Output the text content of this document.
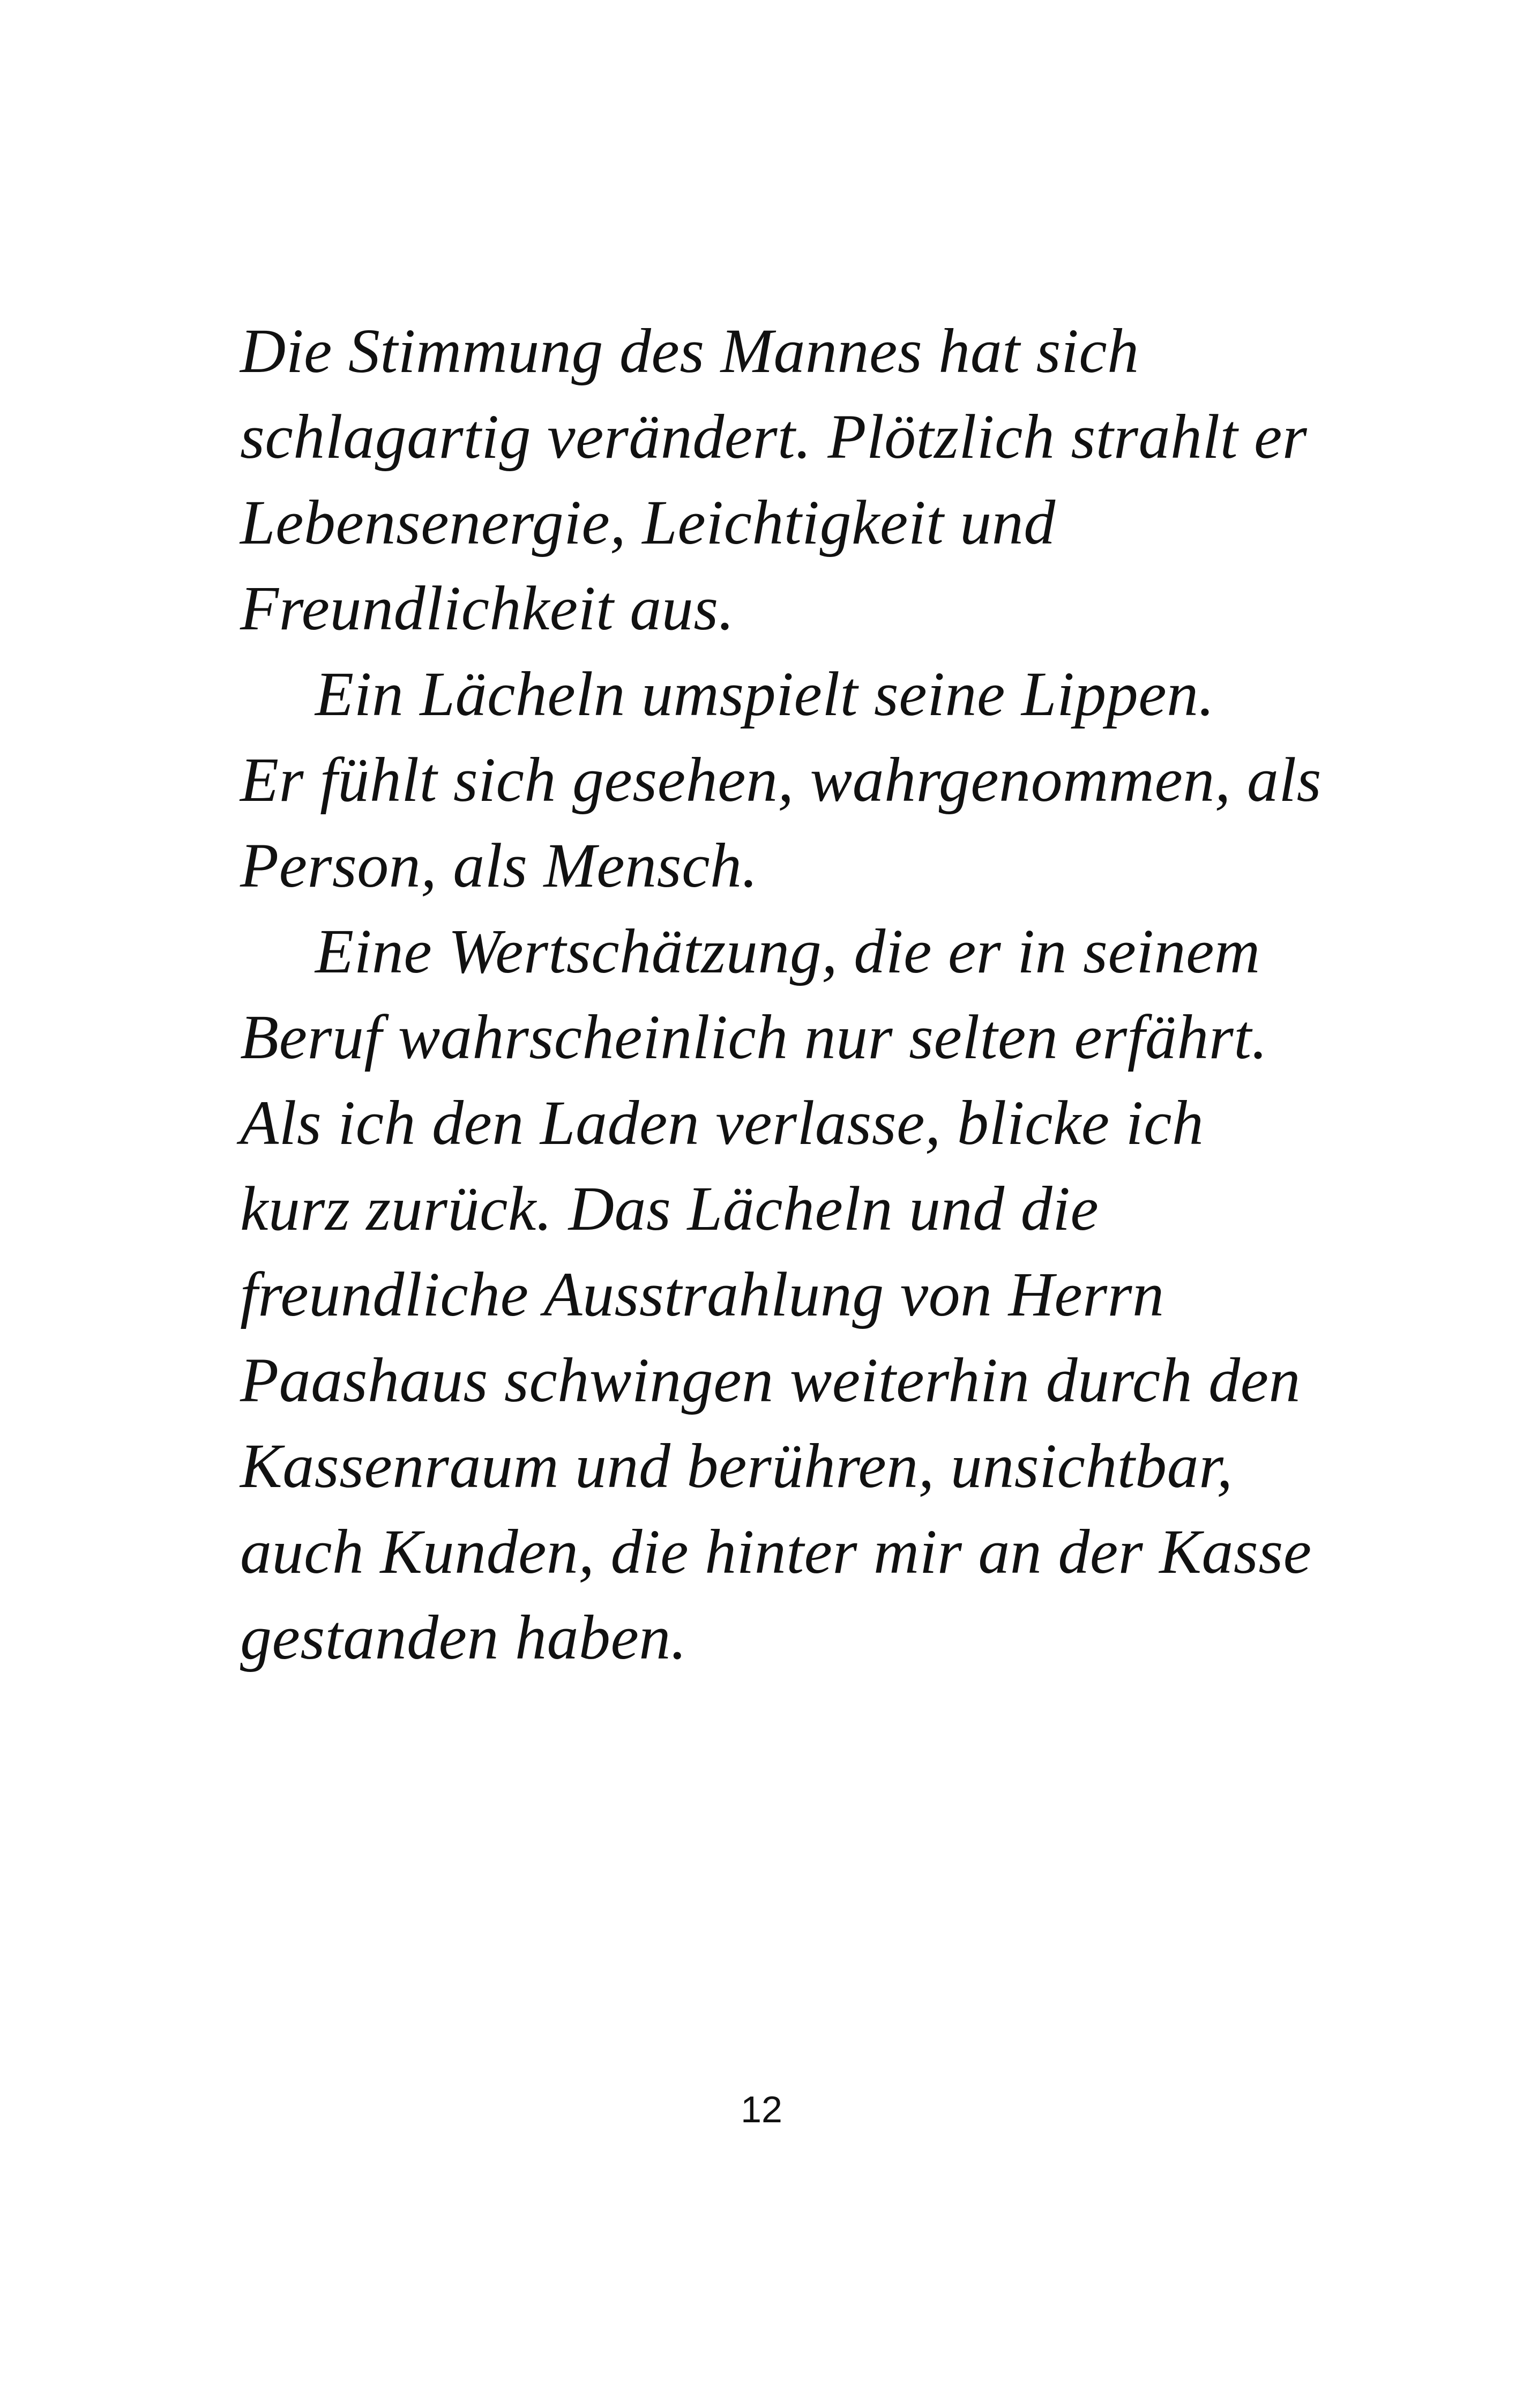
Die Stimmung des Mannes hat sich
schlagartig verändert. Plötzlich strahlt er
Lebensenergie, Leichtigkeit und
Freundlichkeit aus.

Ein Lächeln umspielt seine Lippen.
Er fühlt sich gesehen, wahrgenommen, als
Person, als Mensch.

Eine Wertschätzung, die er in seinem
Beruf wahrscheinlich nur selten erfährt.

Als ich den Laden verlasse, blicke ich
kurz zurück. Das Lächeln und die
freundliche Ausstrahlung von Herrn
Paashaus schwingen weiterhin durch den
Kassenraum und berühren, unsichtbar,
auch Kunden, die hinter mir an der Kasse
gestanden haben.

12
